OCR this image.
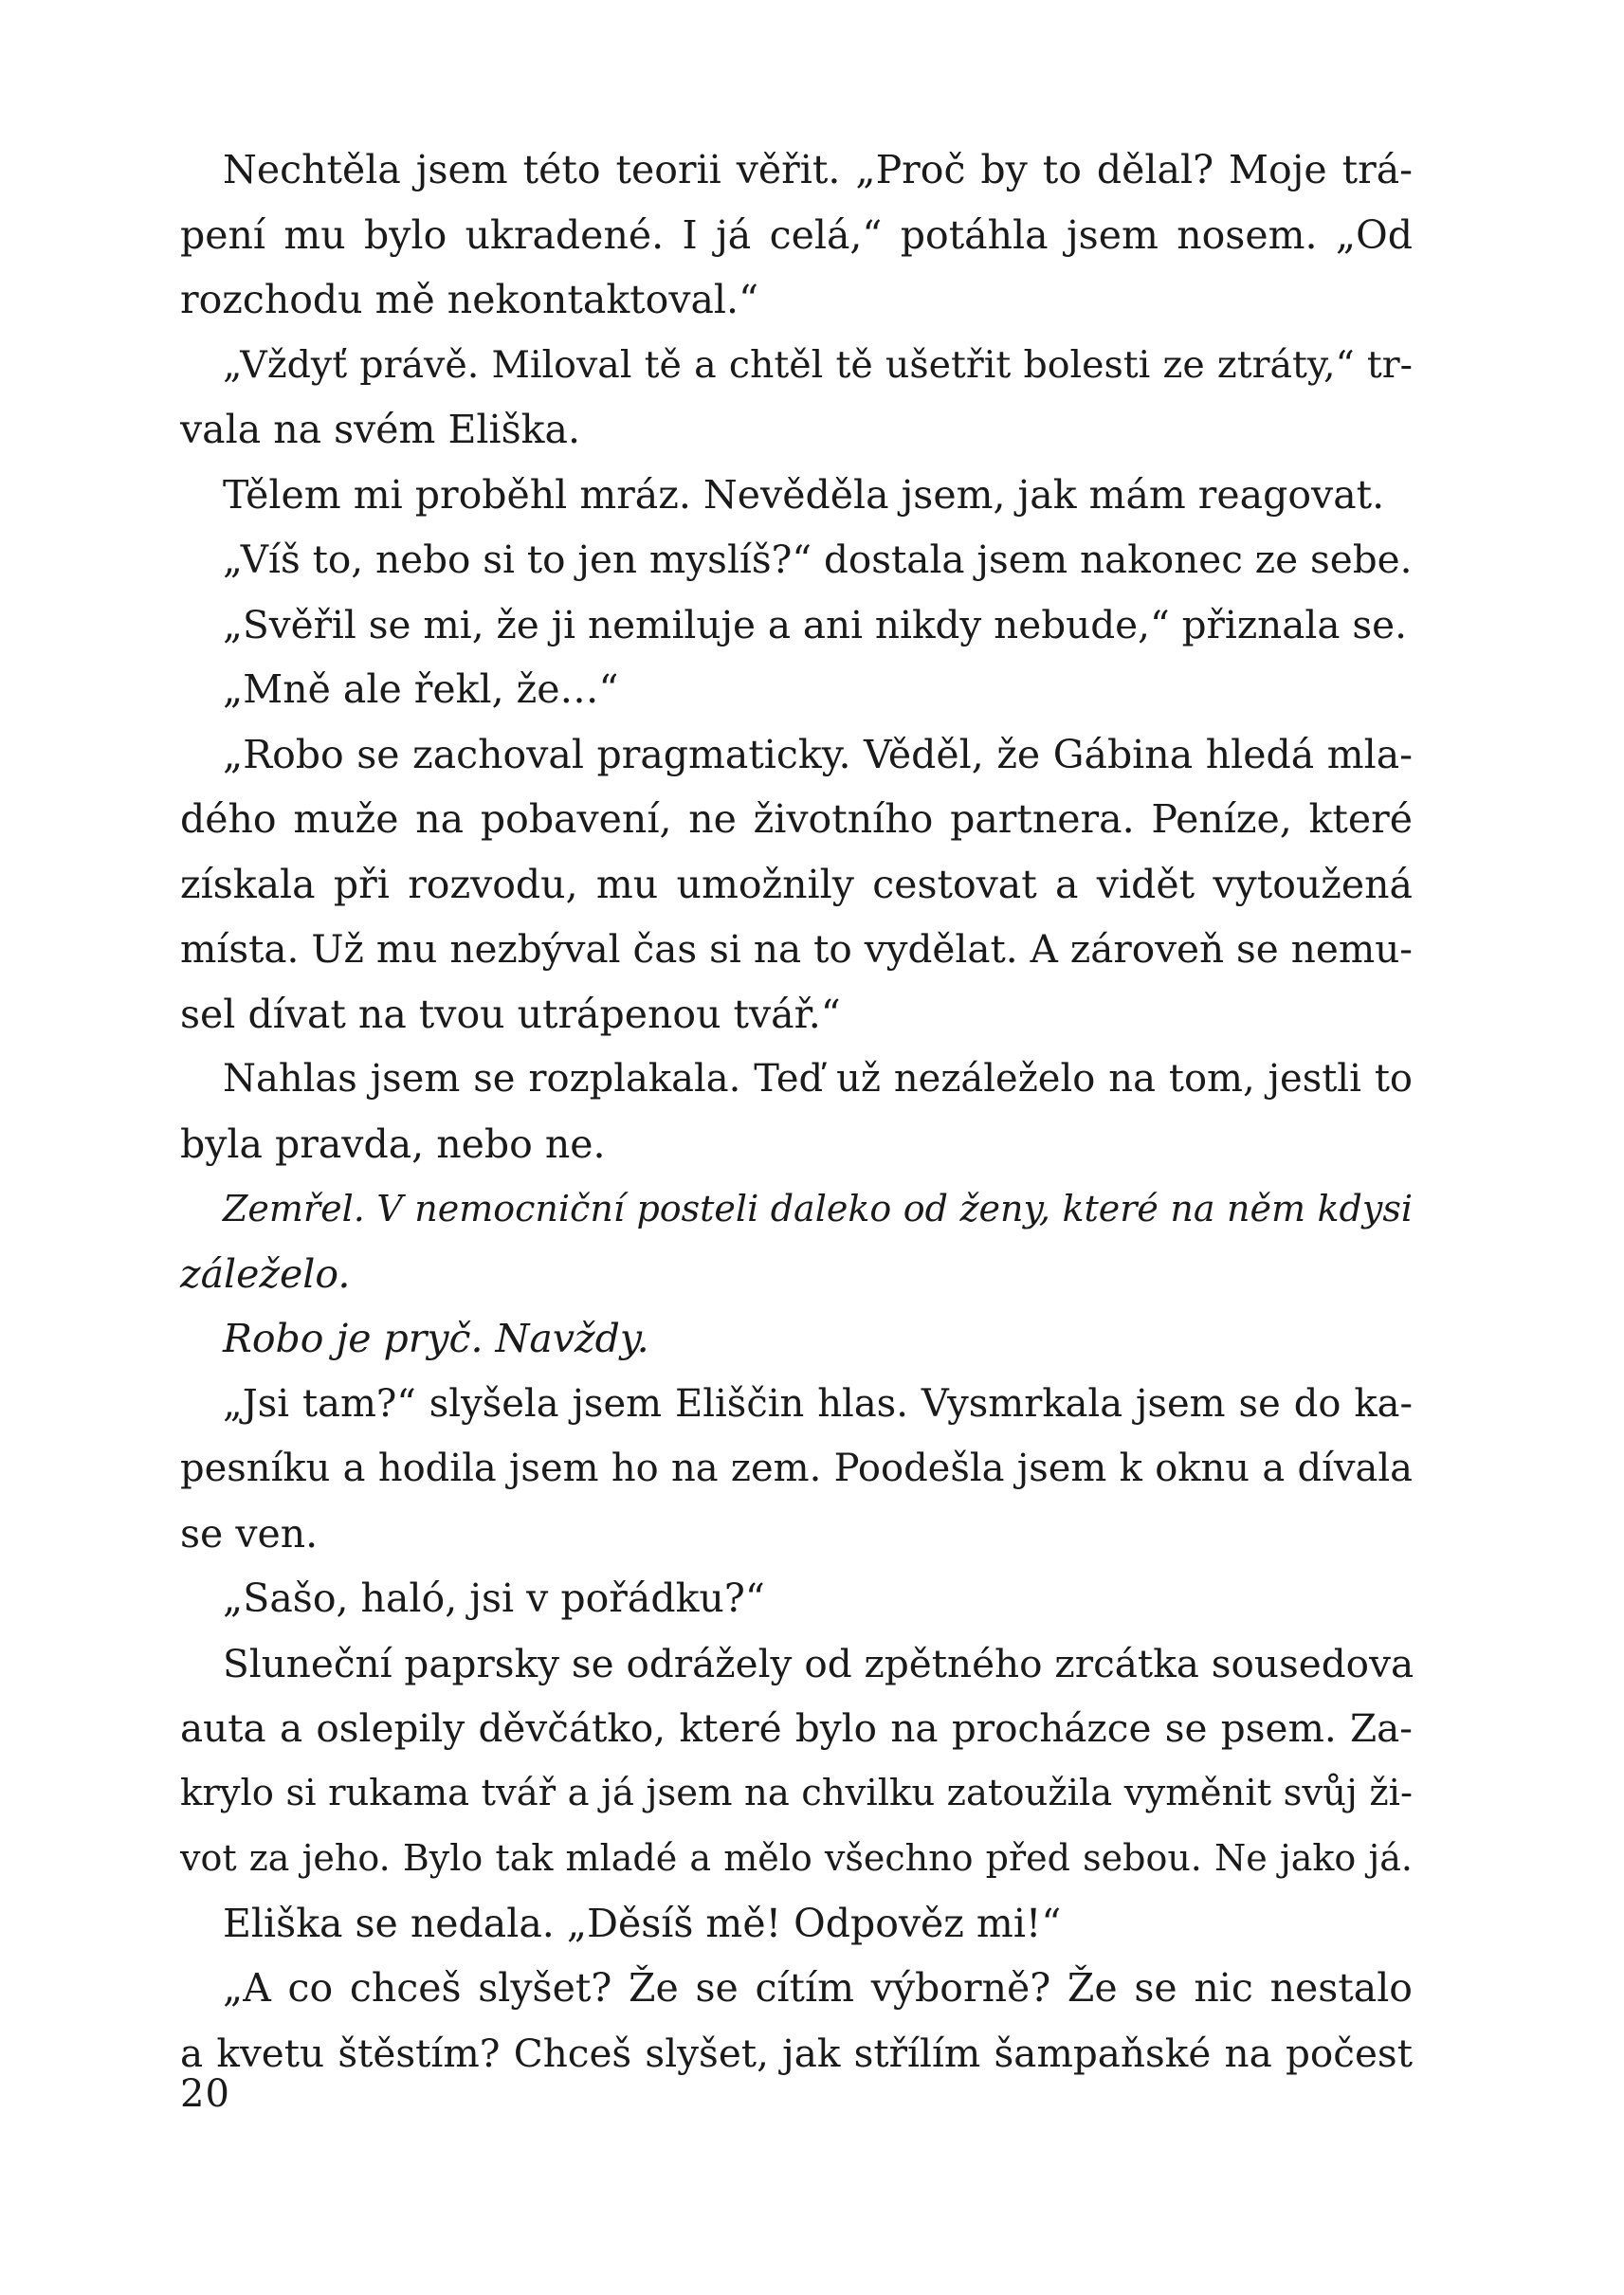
Nechtěla jsem této teorii věřit. „Proč by to dělal? Moje trá-
pení mu bylo ukradené. I já celá,“ potáhla jsem nosem. „Od
rozchodu mě nekontaktoval.“
„Vždyť právě. Miloval tě a chtěl tě ušetřit bolesti ze ztráty,“ tr-
vala na svém Eliška.
Tělem mi proběhl mráz. Nevěděla jsem, jak mám reagovat.
„Víš to, nebo si to jen myslíš?“ dostala jsem nakonec ze sebe.
„Svěřil se mi, že ji nemiluje a ani nikdy nebude,“ přiznala se.
„Mně ale řekl, že…“
„Robo se zachoval pragmaticky. Věděl, že Gábina hledá mla-
dého muže na pobavení, ne životního partnera. Peníze, které
získala při rozvodu, mu umožnily cestovat a vidět vytoužená
místa. Už mu nezbýval čas si na to vydělat. A zároveň se nemu-
sel dívat na tvou utrápenou tvář.“
Nahlas jsem se rozplakala. Teď už nezáleželo na tom, jestli to
byla pravda, nebo ne.
Zemřel. V nemocniční posteli daleko od ženy, které na něm kdysi
záleželo.
Robo je pryč. Navždy.
„Jsi tam?“ slyšela jsem Eliščin hlas. Vysmrkala jsem se do ka-
pesníku a hodila jsem ho na zem. Poodešla jsem k oknu a dívala
se ven.
„Sašo, haló, jsi v pořádku?“
Sluneční paprsky se odrážely od zpětného zrcátka sousedova
auta a oslepily děvčátko, které bylo na procházce se psem. Za-
krylo si rukama tvář a já jsem na chvilku zatoužila vyměnit svůj ži-
vot za jeho. Bylo tak mladé a mělo všechno před sebou. Ne jako já.
Eliška se nedala. „Děsíš mě! Odpověz mi!“
„A co chceš slyšet? Že se cítím výborně? Že se nic nestalo
a kvetu štěstím? Chceš slyšet, jak střílím šampaňské na počest
20
